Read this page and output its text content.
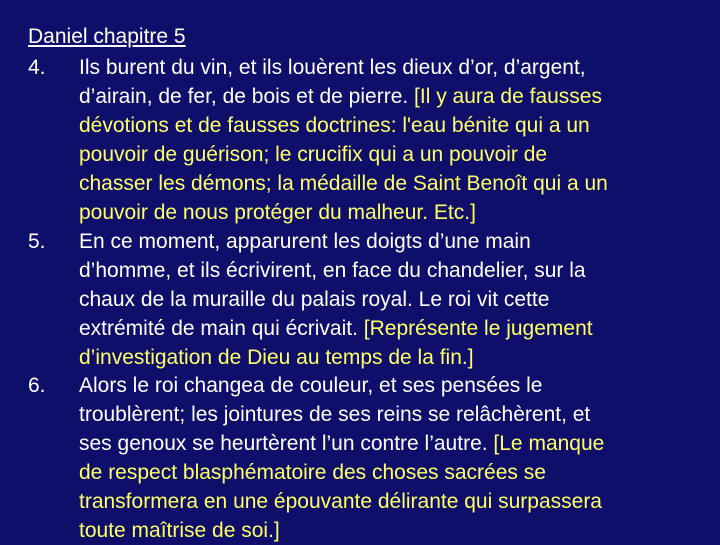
Daniel chapitre 5
4.	Ils burent du vin, et ils louèrent les dieux d’or, d’argent,
d’airain, de fer, de bois et de pierre. [Il y aura de fausses
dévotions et de fausses doctrines: l'eau bénite qui a un
pouvoir de guérison; le crucifix qui a un pouvoir de
chasser les démons; la médaille de Saint Benoît qui a un
pouvoir de nous protéger du malheur. Etc.]
5.	En ce moment, apparurent les doigts d’une main
d’homme, et ils écrivirent, en face du chandelier, sur la
chaux de la muraille du palais royal. Le roi vit cette
extrémité de main qui écrivait. [Représente le jugement
d’investigation de Dieu au temps de la fin.]
6.	Alors le roi changea de couleur, et ses pensées le
troublèrent; les jointures de ses reins se relâchèrent, et
ses genoux se heurtèrent l’un contre l’autre. [Le manque
de respect blasphématoire des choses sacrées se
transformera en une épouvante délirante qui surpassera
toute maîtrise de soi.]
